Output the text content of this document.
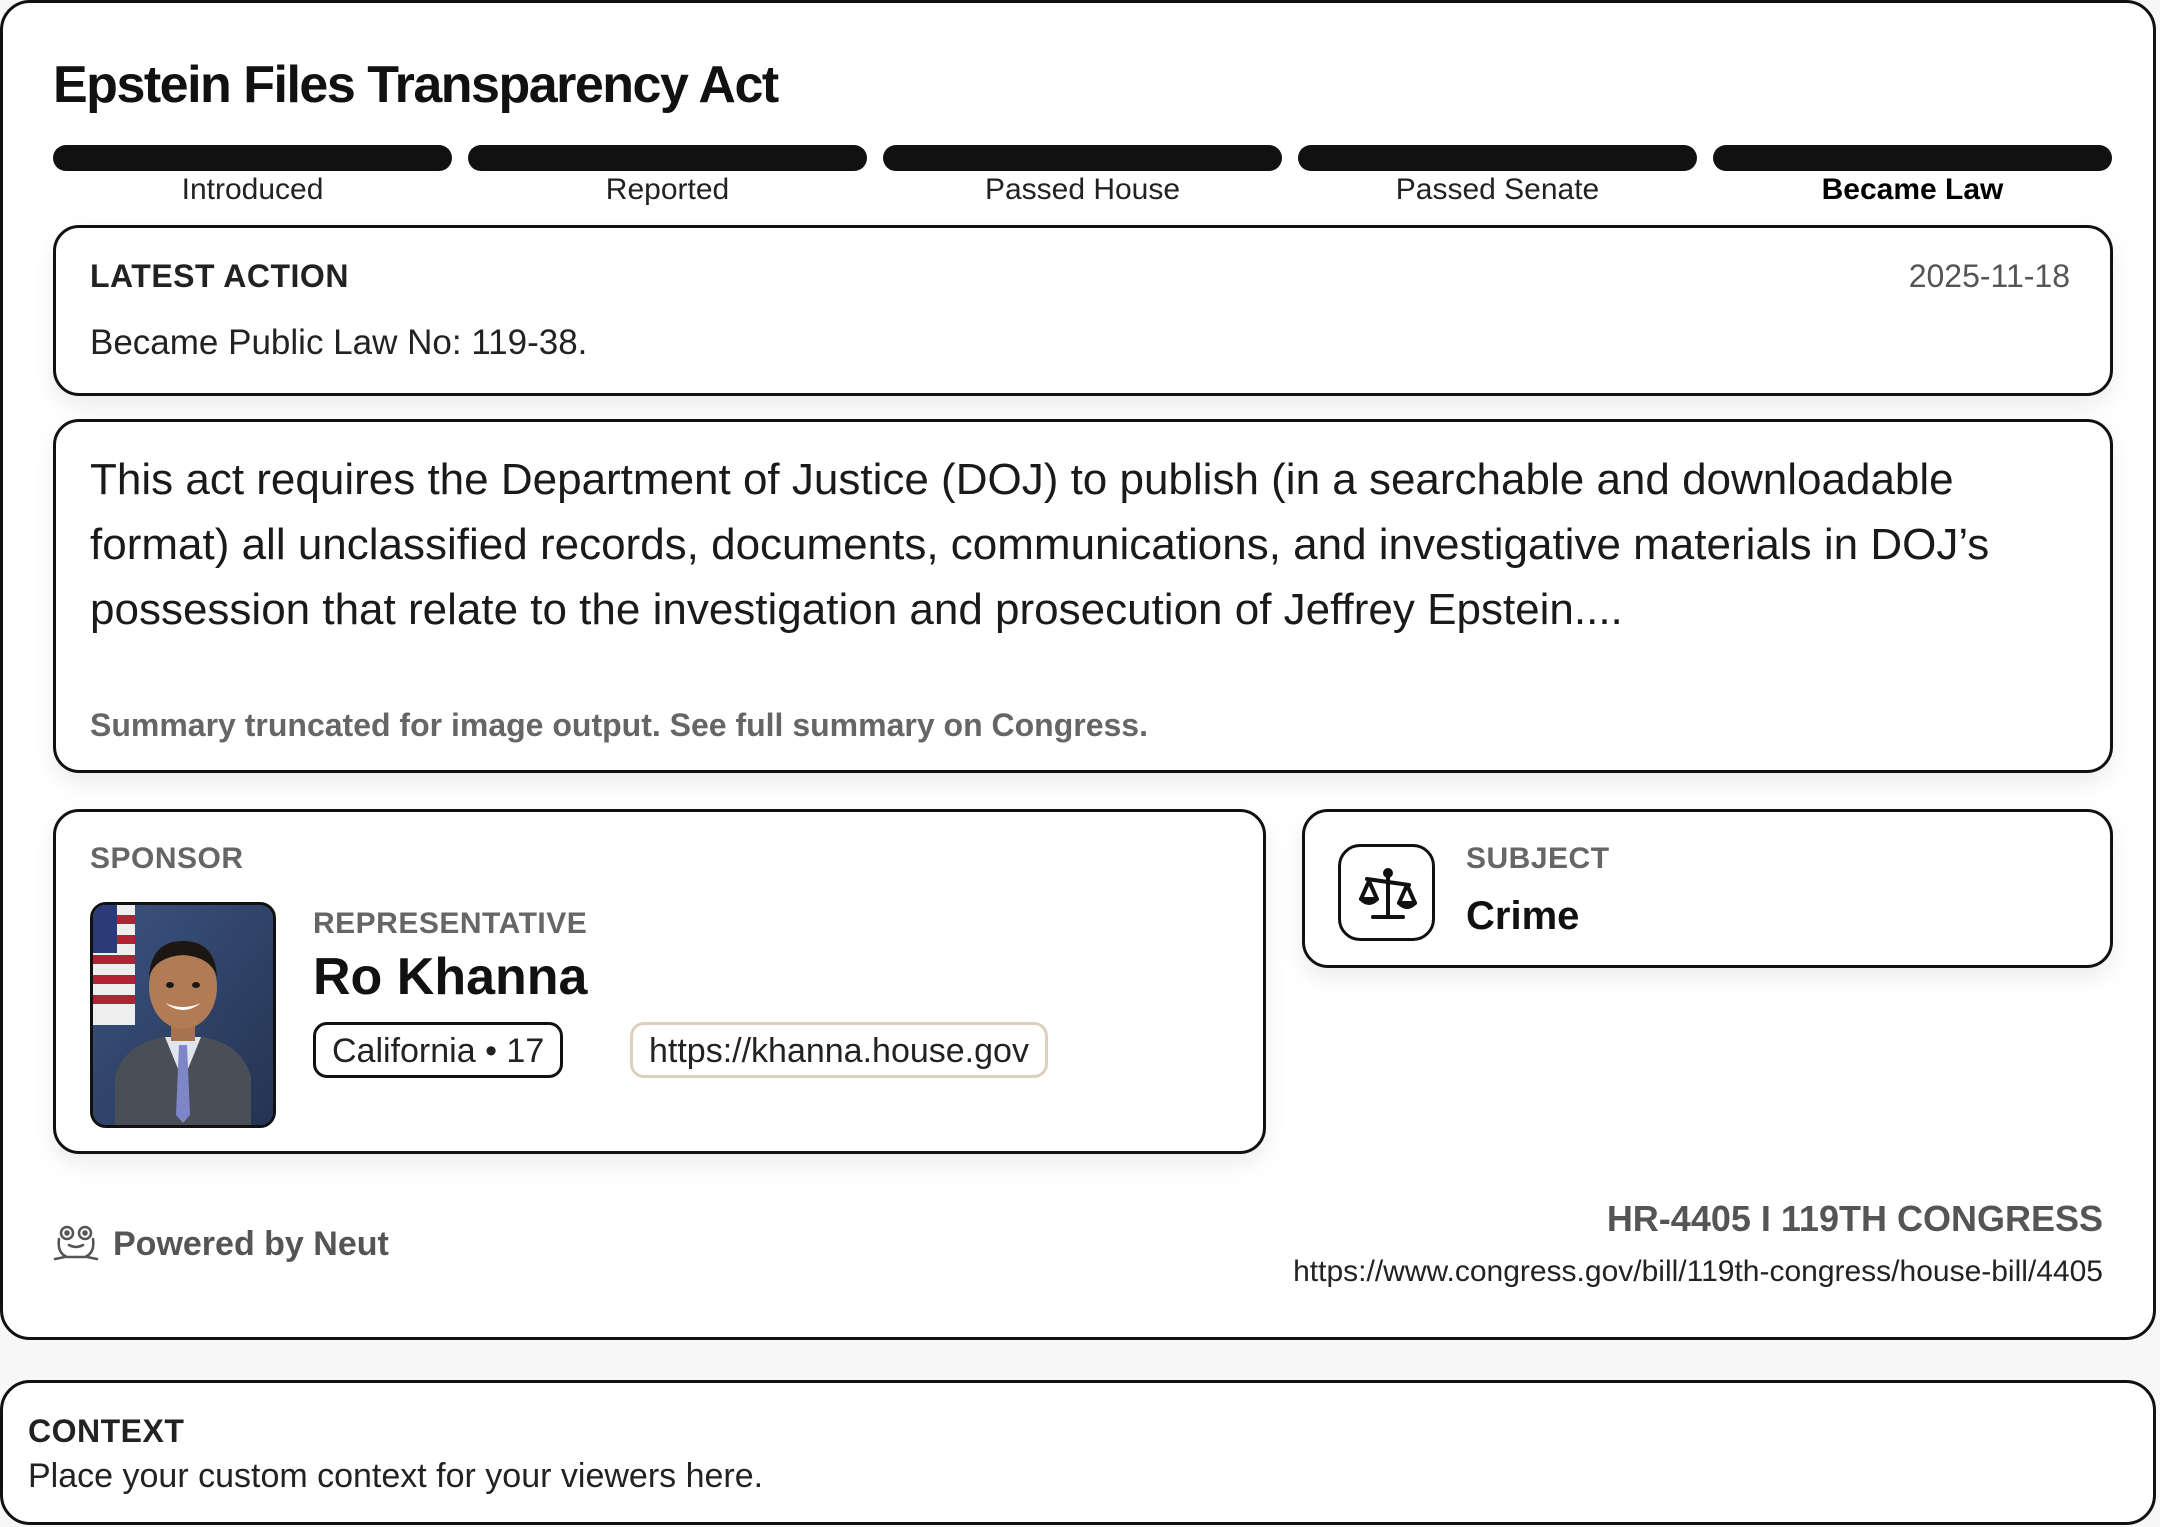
Epstein Files Transparency Act
Introduced	Reported	Passed House	Passed Senate	Became Law
LATEST ACTION	2025-11-18
Became Public Law No: 119-38.

This act requires the Department of Justice (DOJ) to publish (in a searchable and downloadable format) all unclassified records, documents, communications, and investigative materials in DOJ’s possession that relate to the investigation and prosecution of Jeffrey Epstein....

Summary truncated for image output. See full summary on Congress.
SPONSOR
REPRESENTATIVE
Ro Khanna
California • 17	https://khanna.house.gov
SUBJECT
Crime
Powered by Neut
HR-4405 I 119TH CONGRESS
https://www.congress.gov/bill/119th-congress/house-bill/4405
CONTEXT
Place your custom context for your viewers here.
